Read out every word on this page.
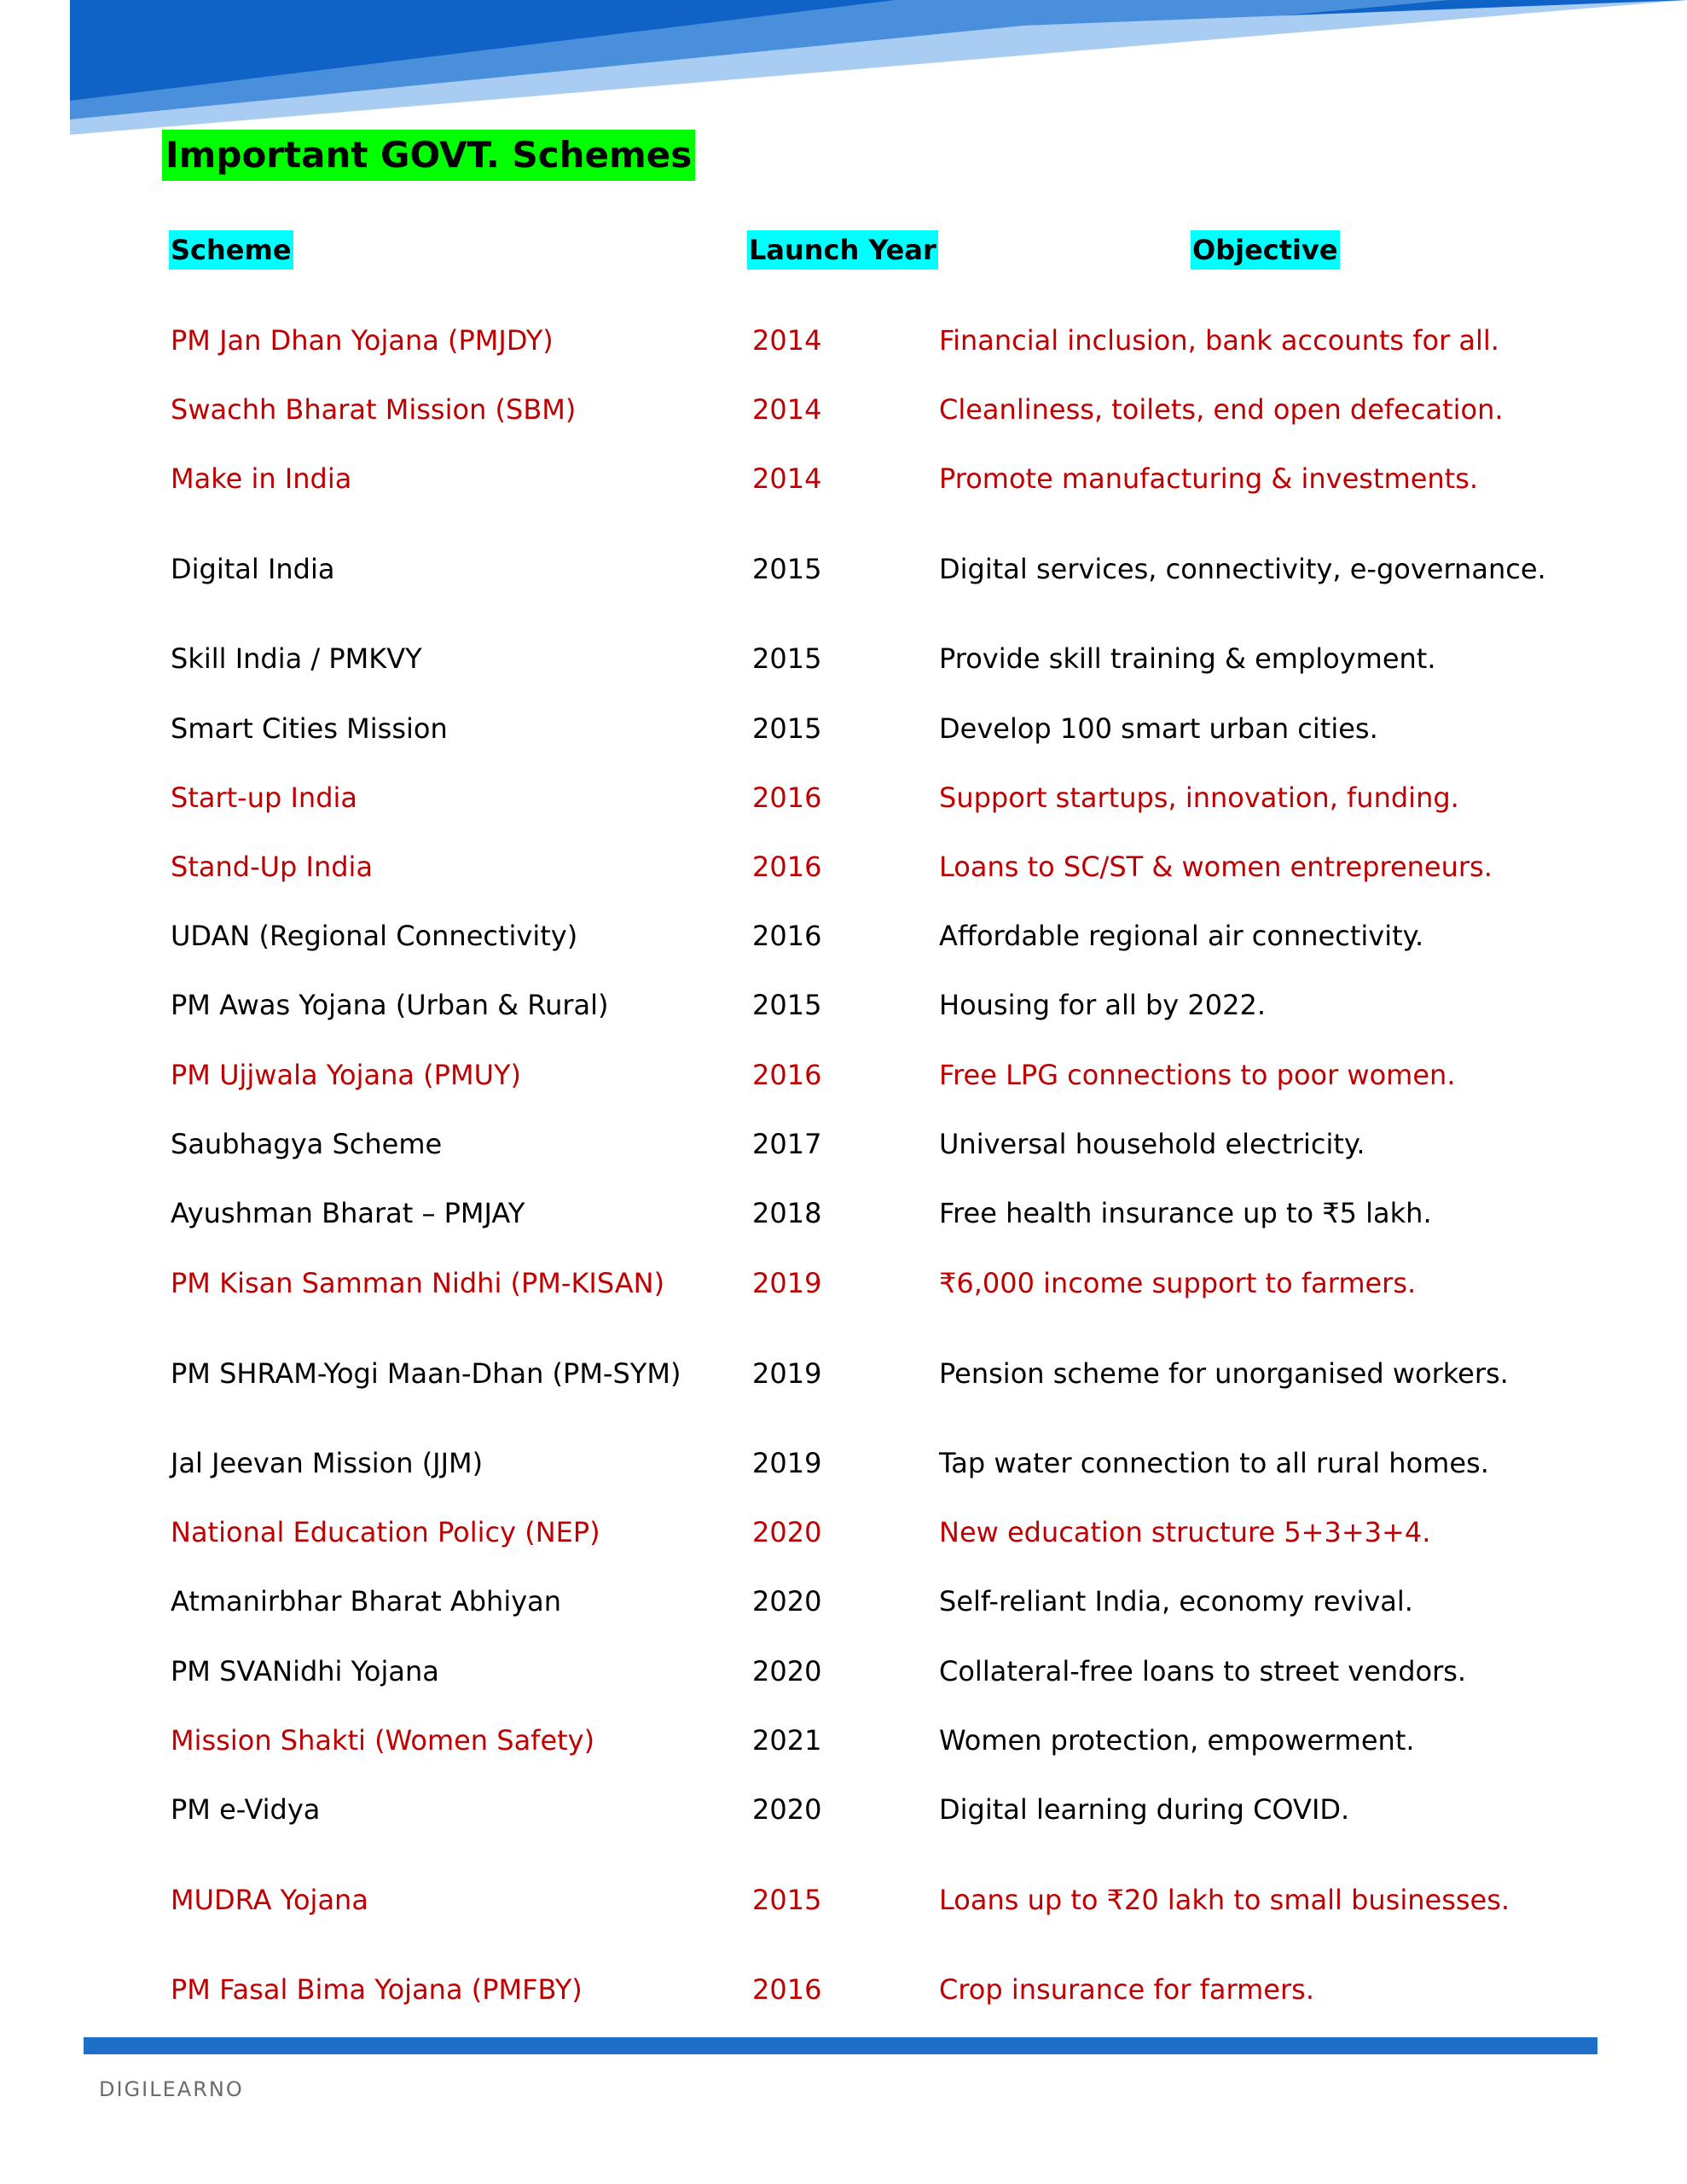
Important GOVT. Schemes
Scheme	Launch Year	Objective
PM Jan Dhan Yojana (PMJDY)	2014	Financial inclusion, bank accounts for all.
Swachh Bharat Mission (SBM)	2014	Cleanliness, toilets, end open defecation.
Make in India	2014	Promote manufacturing & investments.
Digital India	2015	Digital services, connectivity, e-governance.
Skill India / PMKVY	2015	Provide skill training & employment.
Smart Cities Mission	2015	Develop 100 smart urban cities.
Start-up India	2016	Support startups, innovation, funding.
Stand-Up India	2016	Loans to SC/ST & women entrepreneurs.
UDAN (Regional Connectivity)	2016	Affordable regional air connectivity.
PM Awas Yojana (Urban & Rural)	2015	Housing for all by 2022.
PM Ujjwala Yojana (PMUY)	2016	Free LPG connections to poor women.
Saubhagya Scheme	2017	Universal household electricity.
Ayushman Bharat – PMJAY	2018	Free health insurance up to ₹5 lakh.
PM Kisan Samman Nidhi (PM-KISAN)	2019	₹6,000 income support to farmers.
PM SHRAM-Yogi Maan-Dhan (PM-SYM)	2019	Pension scheme for unorganised workers.
Jal Jeevan Mission (JJM)	2019	Tap water connection to all rural homes.
National Education Policy (NEP)	2020	New education structure 5+3+3+4.
Atmanirbhar Bharat Abhiyan	2020	Self-reliant India, economy revival.
PM SVANidhi Yojana	2020	Collateral-free loans to street vendors.
Mission Shakti (Women Safety)	2021	Women protection, empowerment.
PM e-Vidya	2020	Digital learning during COVID.
MUDRA Yojana	2015	Loans up to ₹20 lakh to small businesses.
PM Fasal Bima Yojana (PMFBY)	2016	Crop insurance for farmers.
DIGILEARNO
